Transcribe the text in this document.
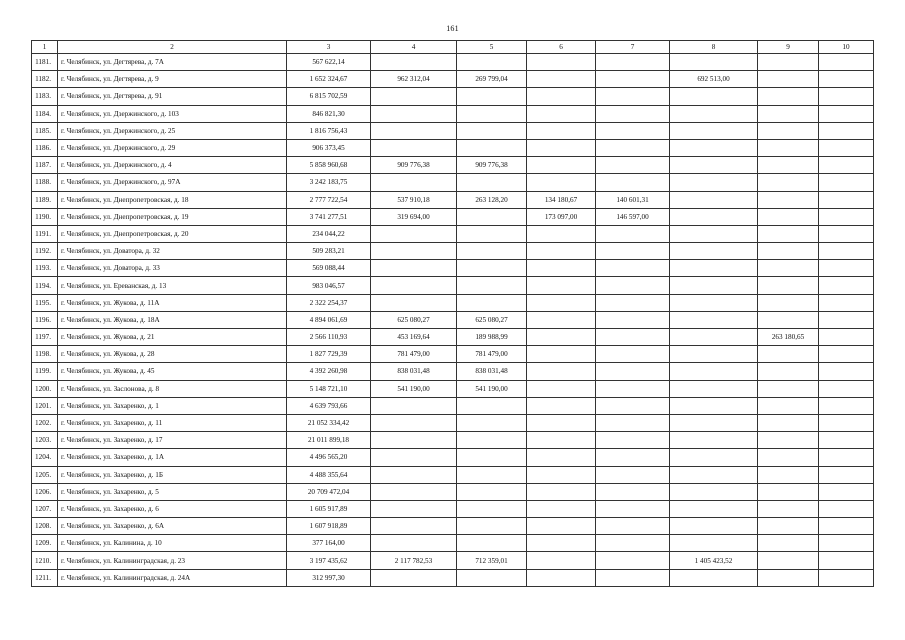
161
1	2	3	4	5	6	7	8	9	10
1181.	г. Челябинск, ул. Дегтярева, д. 7А	567 622,14							
1182.	г. Челябинск, ул. Дегтярева, д. 9	1 652 324,67	962 312,04	269 799,04			692 513,00		
1183.	г. Челябинск, ул. Дегтярева, д. 91	6 815 702,59							
1184.	г. Челябинск, ул. Дзержинского, д. 103	846 821,30							
1185.	г. Челябинск, ул. Дзержинского, д. 25	1 816 756,43							
1186.	г. Челябинск, ул. Дзержинского, д. 29	906 373,45							
1187.	г. Челябинск, ул. Дзержинского, д. 4	5 858 960,68	909 776,38	909 776,38					
1188.	г. Челябинск, ул. Дзержинского, д. 97А	3 242 183,75							
1189.	г. Челябинск, ул. Днепропетровская, д. 18	2 777 722,54	537 910,18	263 128,20	134 180,67	140 601,31			
1190.	г. Челябинск, ул. Днепропетровская, д. 19	3 741 277,51	319 694,00		173 097,00	146 597,00			
1191.	г. Челябинск, ул. Днепропетровская, д. 20	234 044,22							
1192.	г. Челябинск, ул. Доватора, д. 32	509 283,21							
1193.	г. Челябинск, ул. Доватора, д. 33	569 088,44							
1194.	г. Челябинск, ул. Ереванская, д. 13	983 046,57							
1195.	г. Челябинск, ул. Жукова, д. 11А	2 322 254,37							
1196.	г. Челябинск, ул. Жукова, д. 18А	4 894 061,69	625 080,27	625 080,27					
1197.	г. Челябинск, ул. Жукова, д. 21	2 566 110,93	453 169,64	189 988,99				263 180,65	
1198.	г. Челябинск, ул. Жукова, д. 28	1 827 729,39	781 479,00	781 479,00					
1199.	г. Челябинск, ул. Жукова, д. 45	4 392 260,98	838 031,48	838 031,48					
1200.	г. Челябинск, ул. Заслонова, д. 8	5 148 721,10	541 190,00	541 190,00					
1201.	г. Челябинск, ул. Захаренко, д. 1	4 639 793,66							
1202.	г. Челябинск, ул. Захаренко, д. 11	21 052 334,42							
1203.	г. Челябинск, ул. Захаренко, д. 17	21 011 899,18							
1204.	г. Челябинск, ул. Захаренко, д. 1А	4 496 565,20							
1205.	г. Челябинск, ул. Захаренко, д. 1Б	4 488 355,64							
1206.	г. Челябинск, ул. Захаренко, д. 5	20 709 472,04							
1207.	г. Челябинск, ул. Захаренко, д. 6	1 605 917,89							
1208.	г. Челябинск, ул. Захаренко, д. 6А	1 607 918,89							
1209.	г. Челябинск, ул. Калинина, д. 10	377 164,00							
1210.	г. Челябинск, ул. Калининградская, д. 23	3 197 435,62	2 117 782,53	712 359,01			1 405 423,52		
1211.	г. Челябинск, ул. Калининградская, д. 24А	312 997,30							
